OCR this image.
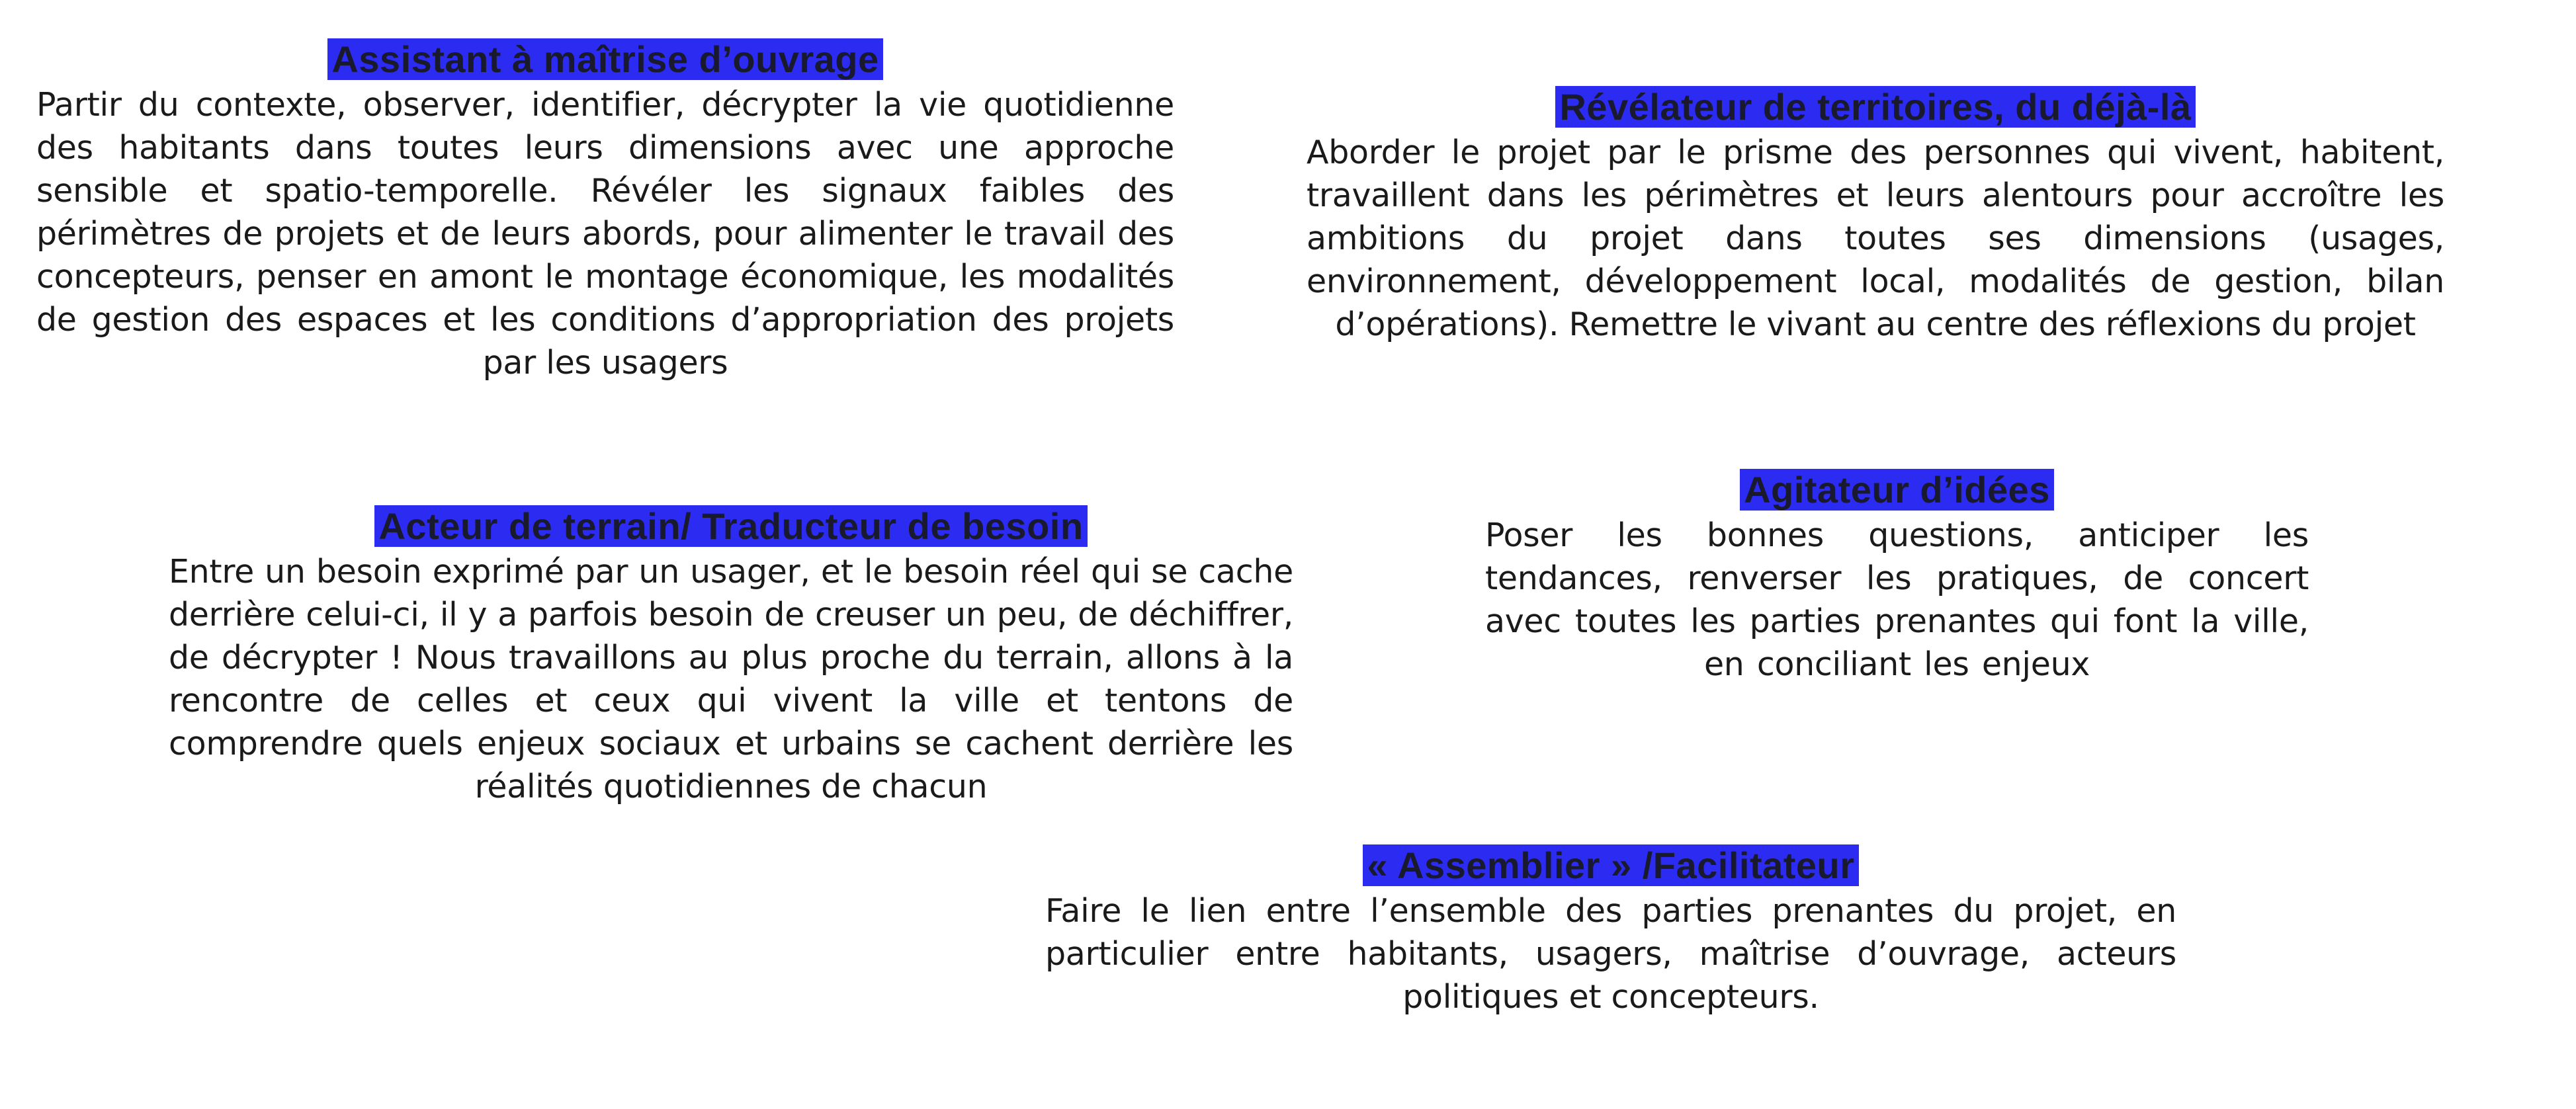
Assistant à maîtrise d’ouvrage

Partir du contexte, observer, identifier, décrypter la vie quotidienne des habitants dans toutes leurs dimensions avec une approche sensible et spatio-temporelle. Révéler les signaux faibles des périmètres de projets et de leurs abords, pour alimenter le travail des concepteurs, penser en amont le montage économique, les modalités de gestion des espaces et les conditions d’appropriation des projets par les usagers

Révélateur de territoires, du déjà-là

Aborder le projet par le prisme des personnes qui vivent, habitent, travaillent dans les périmètres et leurs alentours pour accroître les ambitions du projet dans toutes ses dimensions (usages, environnement, développement local, modalités de gestion, bilan d’opérations). Remettre le vivant au centre des réflexions du projet

Acteur de terrain/ Traducteur de besoin

Entre un besoin exprimé par un usager, et le besoin réel qui se cache derrière celui-ci, il y a parfois besoin de creuser un peu, de déchiffrer, de décrypter ! Nous travaillons au plus proche du terrain, allons à la rencontre de celles et ceux qui vivent la ville et tentons de comprendre quels enjeux sociaux et urbains se cachent derrière les réalités quotidiennes de chacun

Agitateur d’idées

Poser les bonnes questions, anticiper les tendances, renverser les pratiques, de concert avec toutes les parties prenantes qui font la ville, en conciliant les enjeux

« Assemblier » /Facilitateur

Faire le lien entre l’ensemble des parties prenantes du projet, en particulier entre habitants, usagers, maîtrise d’ouvrage, acteurs politiques et concepteurs.
